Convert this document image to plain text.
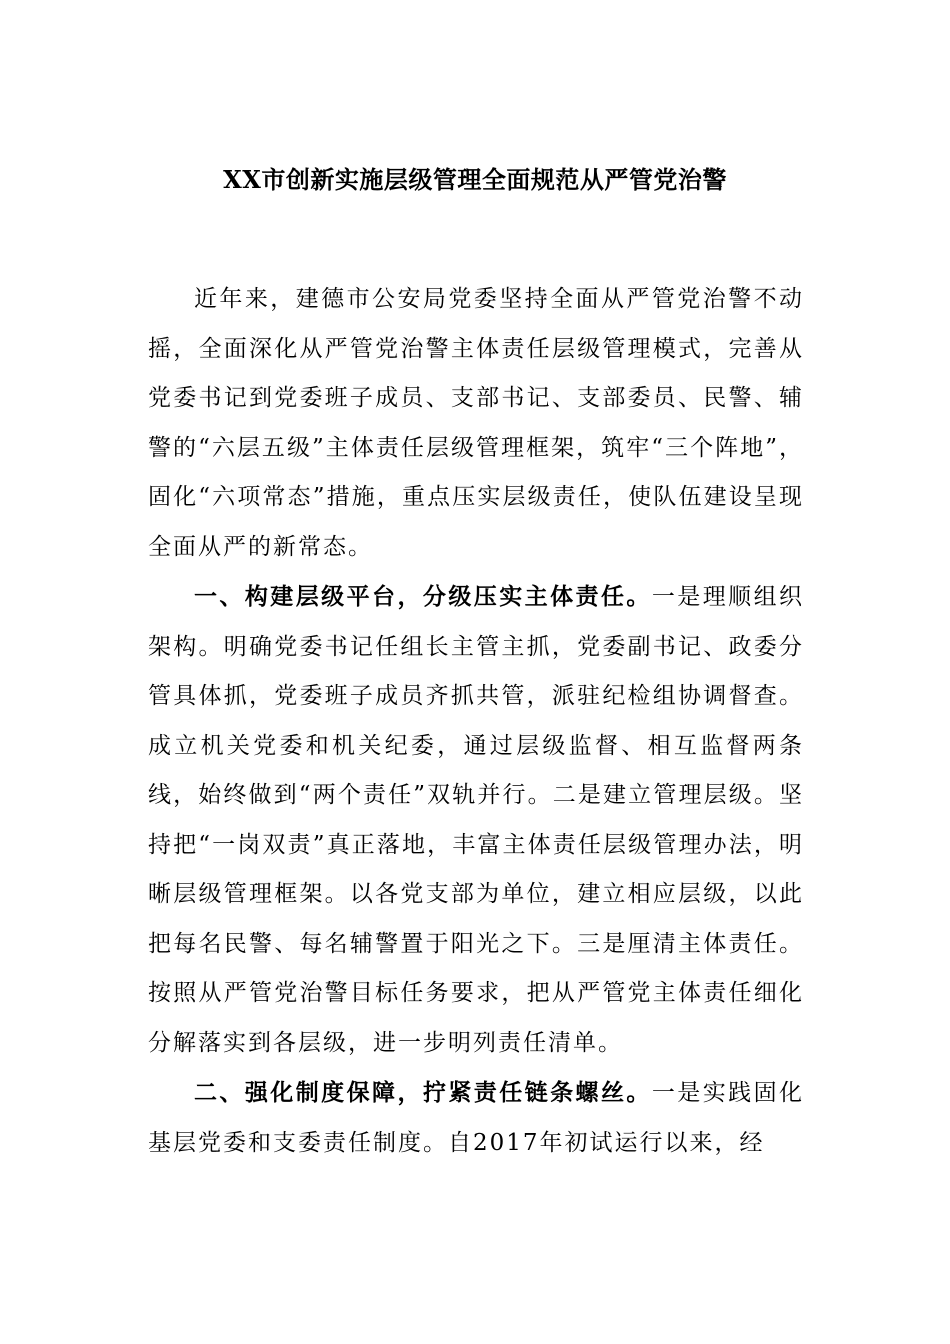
XX市创新实施层级管理全面规范从严管党治警

近年来，建德市公安局党委坚持全面从严管党治警不动摇，全面深化从严管党治警主体责任层级管理模式，完善从党委书记到党委班子成员、支部书记、支部委员、民警、辅警的“六层五级”主体责任层级管理框架，筑牢“三个阵地”，固化“六项常态”措施，重点压实层级责任，使队伍建设呈现全面从严的新常态。

一、构建层级平台，分级压实主体责任。一是理顺组织架构。明确党委书记任组长主管主抓，党委副书记、政委分管具体抓，党委班子成员齐抓共管，派驻纪检组协调督查。成立机关党委和机关纪委，通过层级监督、相互监督两条线，始终做到“两个责任”双轨并行。二是建立管理层级。坚持把“一岗双责”真正落地，丰富主体责任层级管理办法，明晰层级管理框架。以各党支部为单位，建立相应层级，以此把每名民警、每名辅警置于阳光之下。三是厘清主体责任。按照从严管党治警目标任务要求，把从严管党主体责任细化分解落实到各层级，进一步明列责任清单。

二、强化制度保障，拧紧责任链条螺丝。一是实践固化基层党委和支委责任制度。自2017年初试运行以来，经
